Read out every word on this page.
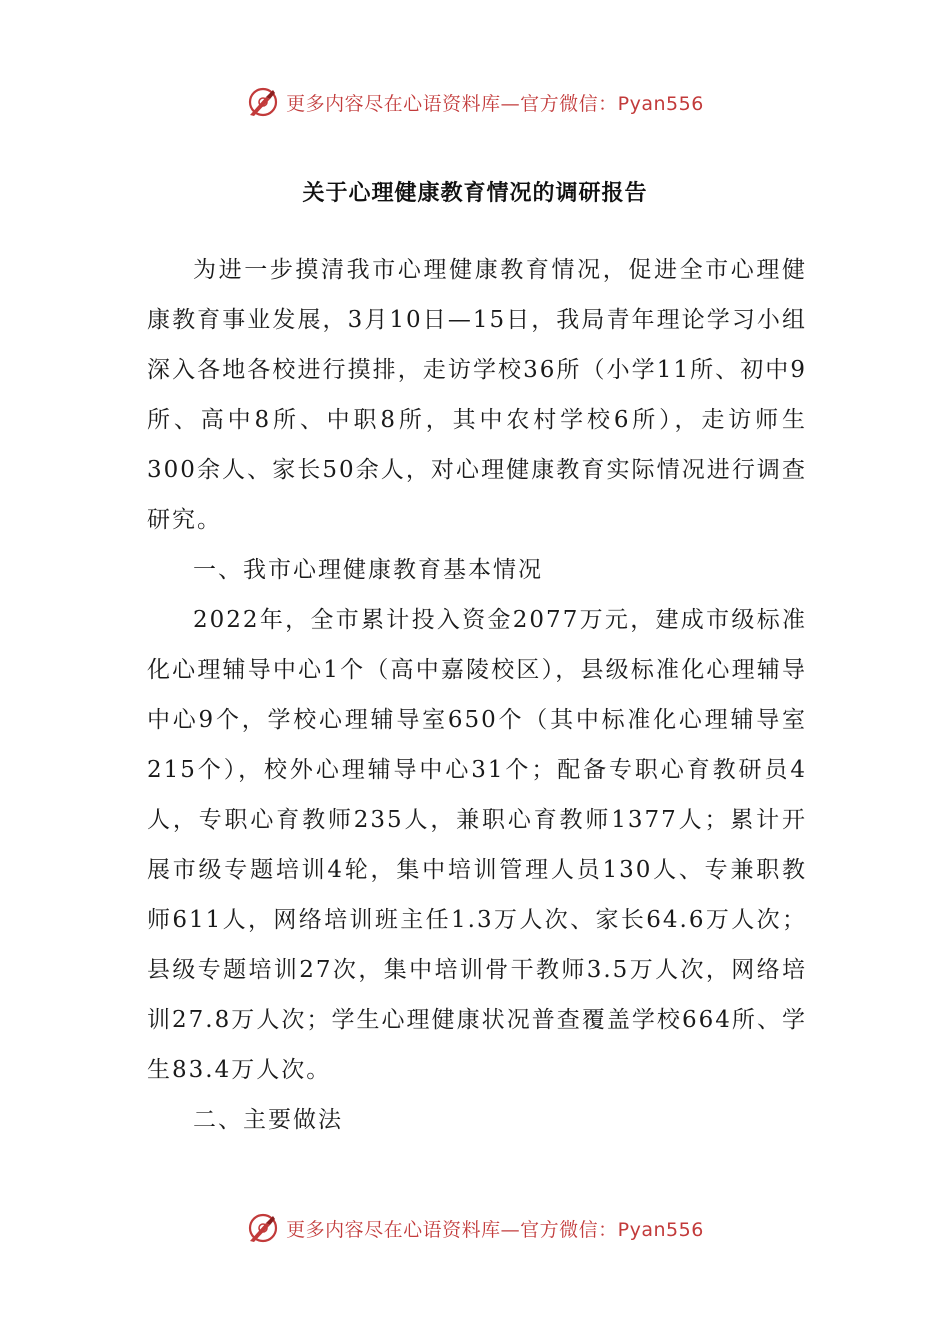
更多内容尽在心语资料库—官方微信：Pyan556
关于心理健康教育情况的调研报告

为进一步摸清我市心理健康教育情况，促进全市心理健康教育事业发展，3月10日—15日，我局青年理论学习小组深入各地各校进行摸排，走访学校36所（小学11所、初中9所、高中8所、中职8所，其中农村学校6所），走访师生300余人、家长50余人，对心理健康教育实际情况进行调查研究。

一、我市心理健康教育基本情况

2022年，全市累计投入资金2077万元，建成市级标准化心理辅导中心1个（高中嘉陵校区），县级标准化心理辅导中心9个，学校心理辅导室650个（其中标准化心理辅导室215个），校外心理辅导中心31个；配备专职心育教研员4人，专职心育教师235人，兼职心育教师1377人；累计开展市级专题培训4轮，集中培训管理人员130人、专兼职教师611人，网络培训班主任1.3万人次、家长64.6万人次；县级专题培训27次，集中培训骨干教师3.5万人次，网络培训27.8万人次；学生心理健康状况普查覆盖学校664所、学生83.4万人次。

二、主要做法

更多内容尽在心语资料库—官方微信：Pyan556
